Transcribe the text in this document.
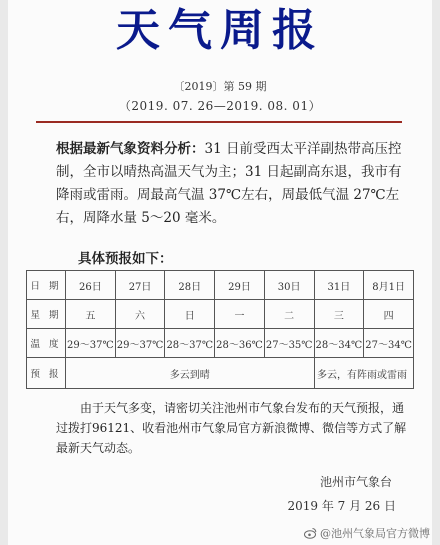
天气周报
〔2019〕第 59 期
（2019. 07. 26—2019. 08. 01）
根据最新气象资料分析：31 日前受西太平洋副热带高压控制，全市以晴热高温天气为主；31 日起副高东退，我市有降雨或雷雨。周最高气温 37℃左右，周最低气温 27℃左右，周降水量 5～20 毫米。
具体预报如下：
日 期	26日	27日	28日	29日	30日	31日	8月1日
星 期	五	六	日	一	二	三	四
温 度	29～37℃	29～37℃	28～37℃	28～36℃	27～35℃	28～34℃	27～34℃
预 报	多云到晴					多云，有阵雨或雷雨	
由于天气多变，请密切关注池州市气象台发布的天气预报，通过拨打96121、收看池州市气象局官方新浪微博、微信等方式了解最新天气动态。
池州市气象台
2019 年 7 月 26 日
@池州气象局官方微博
